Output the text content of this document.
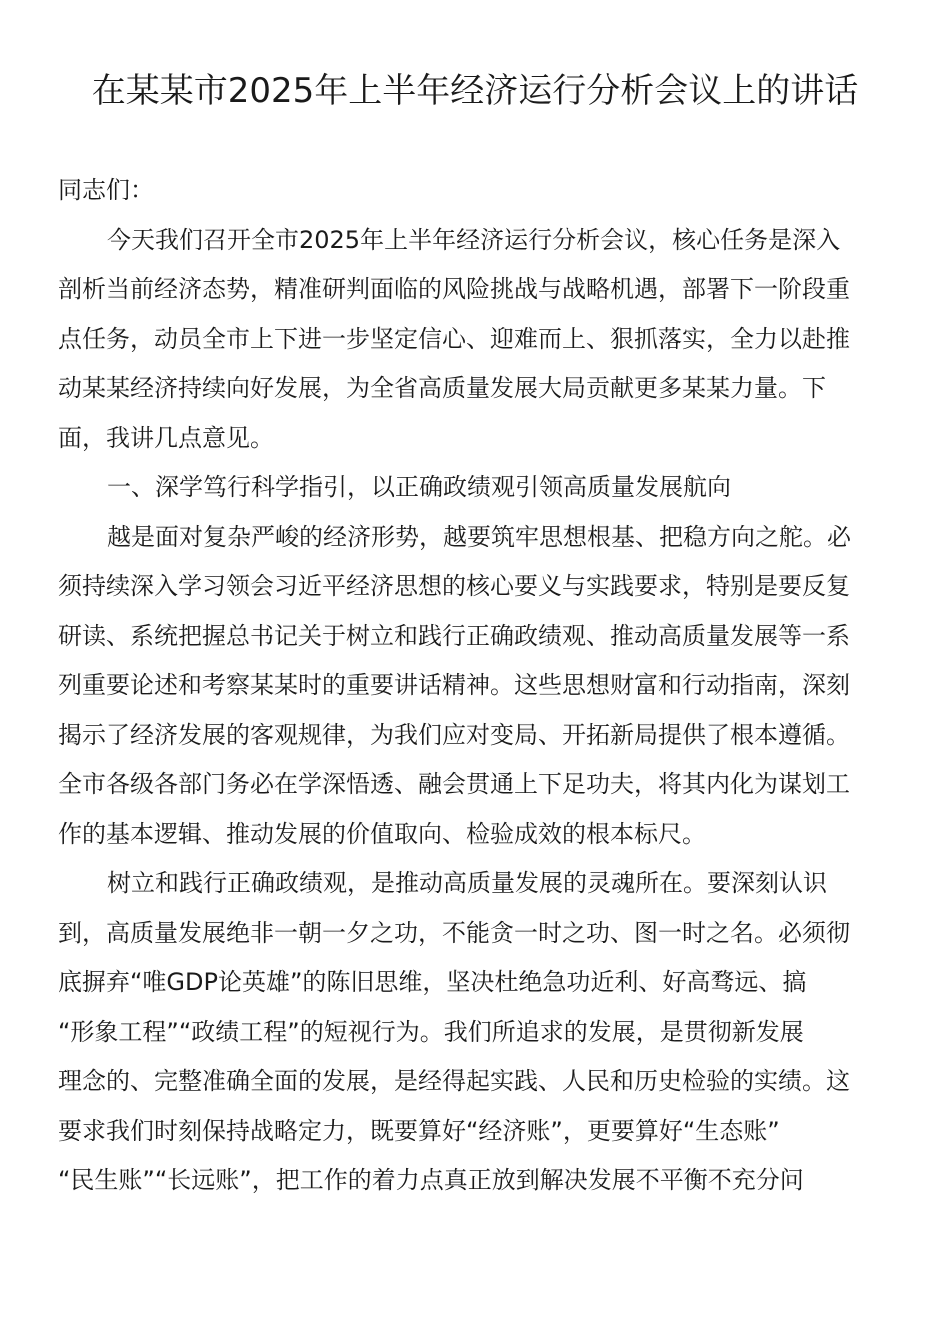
在某某市2025年上半年经济运行分析会议上的讲话
同志们：
今天我们召开全市2025年上半年经济运行分析会议，核心任务是深入
剖析当前经济态势，精准研判面临的风险挑战与战略机遇，部署下一阶段重
点任务，动员全市上下进一步坚定信心、迎难而上、狠抓落实，全力以赴推
动某某经济持续向好发展，为全省高质量发展大局贡献更多某某力量。下
面，我讲几点意见。
一、深学笃行科学指引，以正确政绩观引领高质量发展航向
越是面对复杂严峻的经济形势，越要筑牢思想根基、把稳方向之舵。必
须持续深入学习领会习近平经济思想的核心要义与实践要求，特别是要反复
研读、系统把握总书记关于树立和践行正确政绩观、推动高质量发展等一系
列重要论述和考察某某时的重要讲话精神。这些思想财富和行动指南，深刻
揭示了经济发展的客观规律，为我们应对变局、开拓新局提供了根本遵循。
全市各级各部门务必在学深悟透、融会贯通上下足功夫，将其内化为谋划工
作的基本逻辑、推动发展的价值取向、检验成效的根本标尺。
树立和践行正确政绩观，是推动高质量发展的灵魂所在。要深刻认识
到，高质量发展绝非一朝一夕之功，不能贪一时之功、图一时之名。必须彻
底摒弃“唯GDP论英雄”的陈旧思维，坚决杜绝急功近利、好高骛远、搞
“形象工程”“政绩工程”的短视行为。我们所追求的发展，是贯彻新发展
理念的、完整准确全面的发展，是经得起实践、人民和历史检验的实绩。这
要求我们时刻保持战略定力，既要算好“经济账”，更要算好“生态账”
“民生账”“长远账”，把工作的着力点真正放到解决发展不平衡不充分问
